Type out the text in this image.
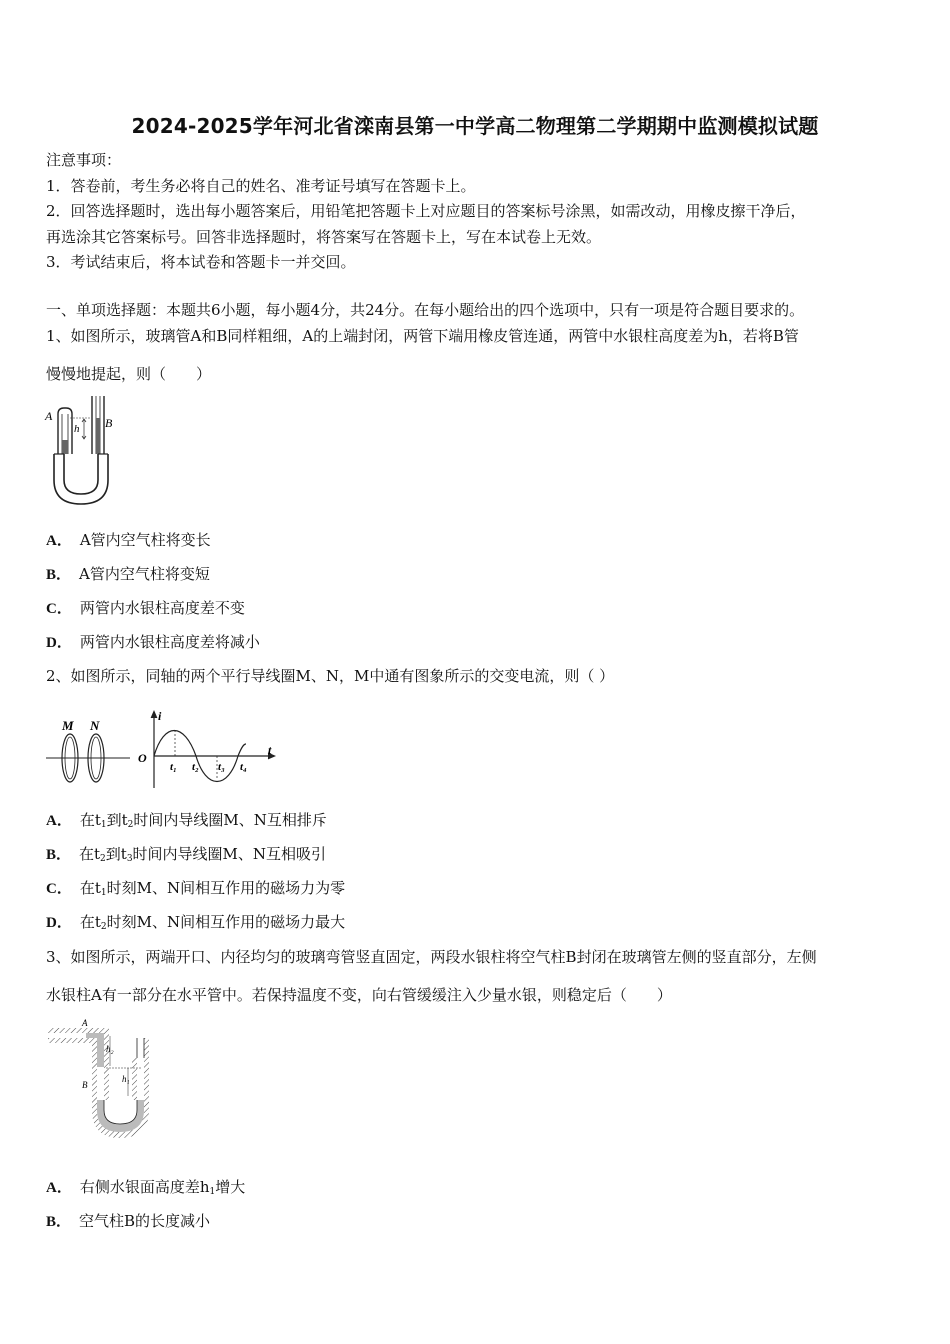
2024-2025学年河北省滦南县第一中学高二物理第二学期期中监测模拟试题
注意事项：
1．答卷前，考生务必将自己的姓名、准考证号填写在答题卡上。
2．回答选择题时，选出每小题答案后，用铅笔把答题卡上对应题目的答案标号涂黑，如需改动，用橡皮擦干净后，
再选涂其它答案标号。回答非选择题时，将答案写在答题卡上，写在本试卷上无效。
3．考试结束后，将本试卷和答题卡一并交回。
一、单项选择题：本题共6小题，每小题4分，共24分。在每小题给出的四个选项中，只有一项是符合题目要求的。
1、如图所示，玻璃管A和B同样粗细，A的上端封闭，两管下端用橡皮管连通，两管中水银柱高度差为h，若将B管
慢慢地提起，则（　　）
A	B
h
A． A管内空气柱将变长
B． A管内空气柱将变短
C． 两管内水银柱高度差不变
D． 两管内水银柱高度差将减小
2、如图所示，同轴的两个平行导线圈M、N，M中通有图象所示的交变电流，则（ ）
M N
i
t
O
t₁ t₂ t₃ t₄
A． 在$t_1$到$t_2$时间内导线圈M、N互相排斥
B． 在$t_2$到$t_3$时间内导线圈M、N互相吸引
C． 在$t_1$时刻M、N间相互作用的磁场力为零
D． 在$t_2$时刻M、N间相互作用的磁场力最大
3、如图所示，两端开口、内径均匀的玻璃弯管竖直固定，两段水银柱将空气柱B封闭在玻璃管左侧的竖直部分，左侧
水银柱A有一部分在水平管中。若保持温度不变，向右管缓缓注入少量水银，则稳定后（　　）
A
h₂
B
h₁
A． 右侧水银面高度差$h_1$增大
B． 空气柱B的长度减小
